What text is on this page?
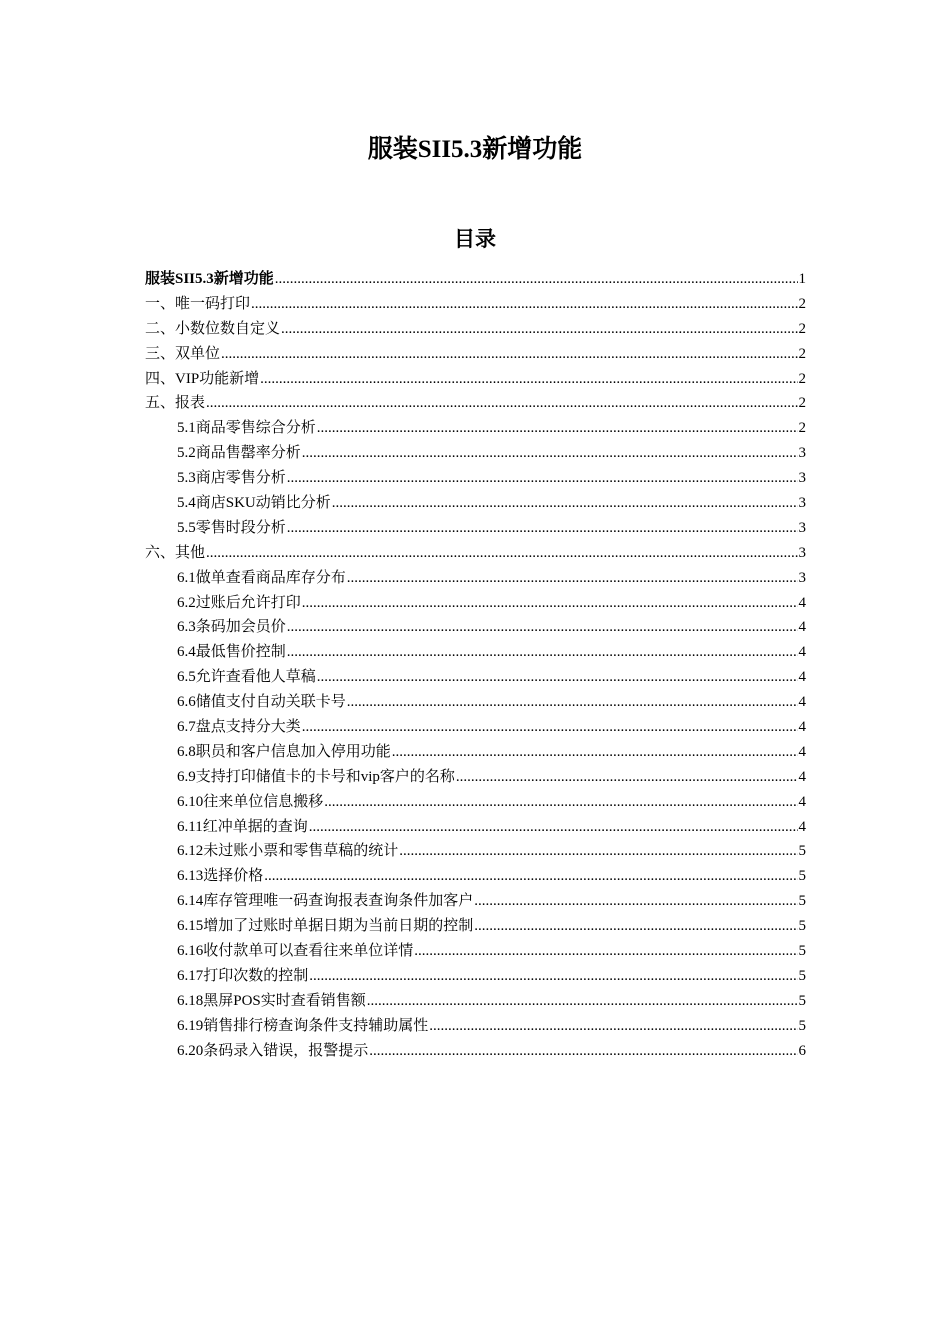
服装SII5.3新增功能
目录
服装SII5.3新增功能 .....	1
一、唯一码打印 .....	2
二、小数位数自定义 .....	2
三、双单位 .....	2
四、VIP功能新增 .....	2
五、报表 .....	2
5.1商品零售综合分析 .....	2
5.2商品售罄率分析 .....	3
5.3商店零售分析 .....	3
5.4商店SKU动销比分析 .....	3
5.5零售时段分析 .....	3
六、其他 .....	3
6.1做单查看商品库存分布 .....	3
6.2过账后允许打印 .....	4
6.3条码加会员价 .....	4
6.4最低售价控制 .....	4
6.5允许查看他人草稿 .....	4
6.6储值支付自动关联卡号 .....	4
6.7盘点支持分大类 .....	4
6.8职员和客户信息加入停用功能 .....	4
6.9支持打印储值卡的卡号和vip客户的名称 .....	4
6.10往来单位信息搬移 .....	4
6.11红冲单据的查询 .....	4
6.12未过账小票和零售草稿的统计 .....	5
6.13选择价格 .....	5
6.14库存管理唯一码查询报表查询条件加客户 .....	5
6.15增加了过账时单据日期为当前日期的控制 .....	5
6.16收付款单可以查看往来单位详情 .....	5
6.17打印次数的控制 .....	5
6.18黑屏POS实时查看销售额 .....	5
6.19销售排行榜查询条件支持辅助属性 .....	5
6.20条码录入错误，报警提示 .....	6
